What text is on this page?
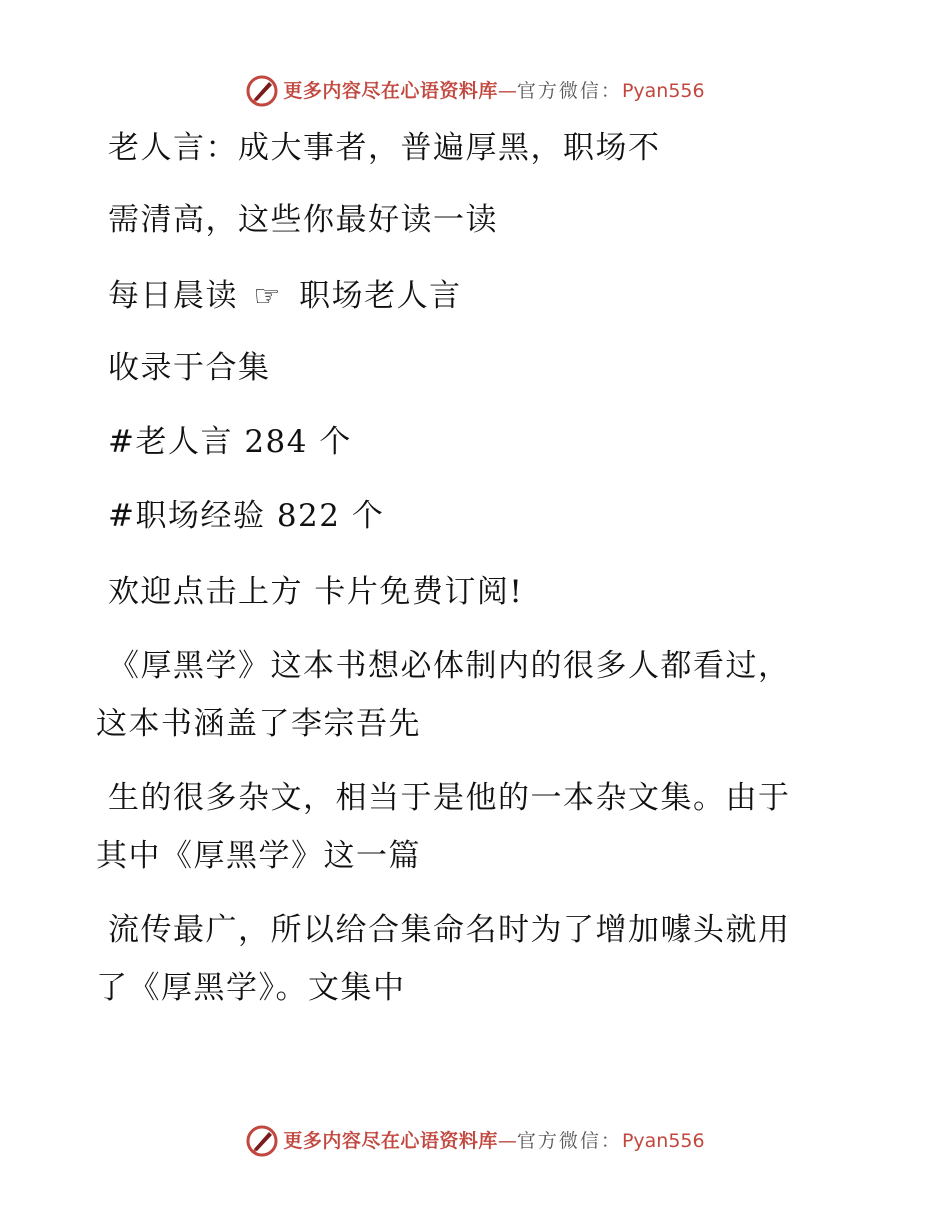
更多内容尽在心语资料库 — 官方微信： Pyan556
老人言：成大事者，普遍厚黑，职场不
需清高，这些你最好读一读
每日晨读 ☞ 职场老人言
收录于合集
#老人言 284 个
#职场经验 822 个
欢迎点击上方 卡片免费订阅!
《厚黑学》这本书想必体制内的很多人都看过，
这本书涵盖了李宗吾先
生的很多杂文，相当于是他的一本杂文集。由于
其中《厚黑学》这一篇
流传最广，所以给合集命名时为了增加噱头就用
了《厚黑学》。文集中
更多内容尽在心语资料库 — 官方微信： Pyan556
